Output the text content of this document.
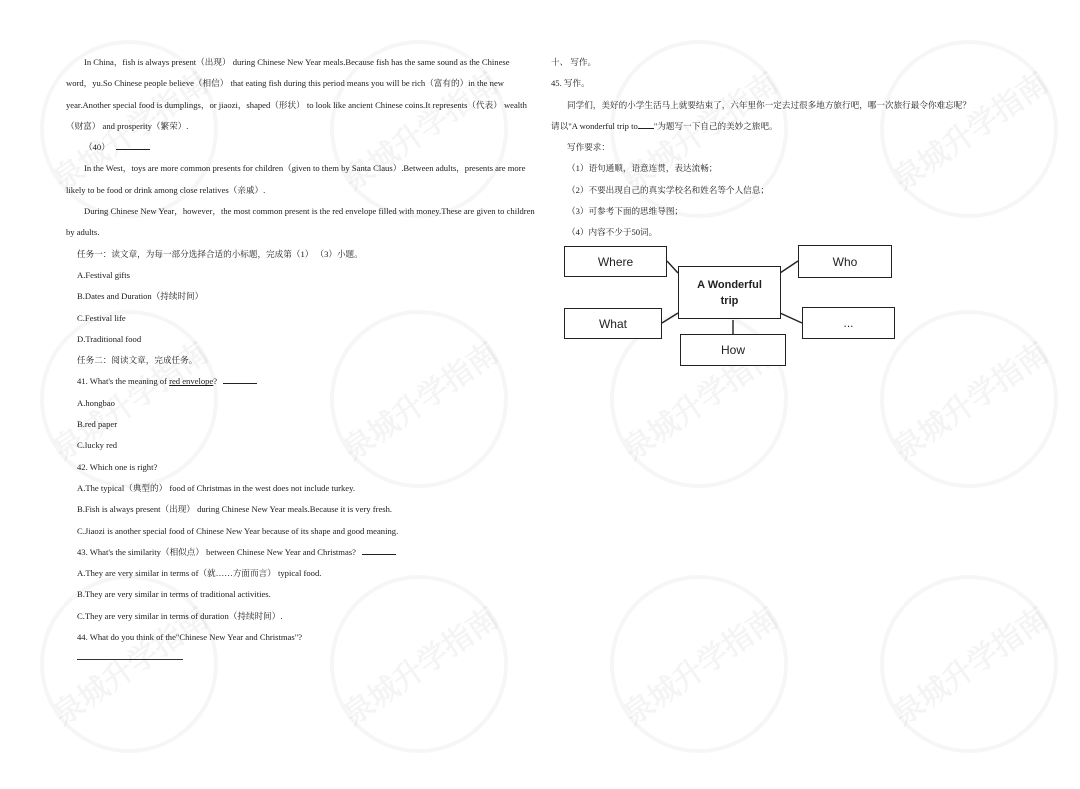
In China，fish is always present（出现） during Chinese New Year meals.Because fish has the same sound as the Chinese word，yu.So Chinese people believe（相信） that eating fish during this period means you will be rich（富有的）in the new year.Another special food is dumplings，or jiaozi，shaped（形状） to look like ancient Chinese coins.It represents（代表） wealth（财富） and prosperity（繁荣）.

（40）

In the West，toys are more common presents for children（given to them by Santa Claus）.Between adults，presents are more likely to be food or drink among close relatives（亲戚）.

During Chinese New Year，however，the most common present is the red envelope filled with money.These are given to children by adults.

任务一：读文章，为每一部分选择合适的小标题，完成第（1） （3）小题。

A.Festival gifts

B.Dates and Duration（持续时间）

C.Festival life

D.Traditional food

任务二：阅读文章，完成任务。

41. What's the meaning of red envelope?

A.hongbao

B.red paper

C.lucky red

42. Which one is right?

A.The typical（典型的） food of Christmas in the west does not include turkey.

B.Fish is always present（出现） during Chinese New Year meals.Because it is very fresh.

C.Jiaozi is another special food of Chinese New Year because of its shape and good meaning.

43. What's the similarity（相似点） between Chinese New Year and Christmas?

A.They are very similar in terms of（就……方面而言） typical food.

B.They are very similar in terms of traditional activities.

C.They are very similar in terms of duration（持续时间）.

44. What do you think of the"Chinese New Year and Christmas"?

十、 写作。

45. 写作。

同学们，美好的小学生活马上就要结束了，六年里你一定去过很多地方旅行吧，哪一次旅行最令你难忘呢？

请以"A wonderful trip to "为题写一下自己的美妙之旅吧。

写作要求：

（1）语句通顺，语意连贯，表达流畅；

（2）不要出现自己的真实学校名和姓名等个人信息；

（3）可参考下面的思维导图；

（4）内容不少于50词。

Where	Who
A Wonderful
trip
What	...
How
